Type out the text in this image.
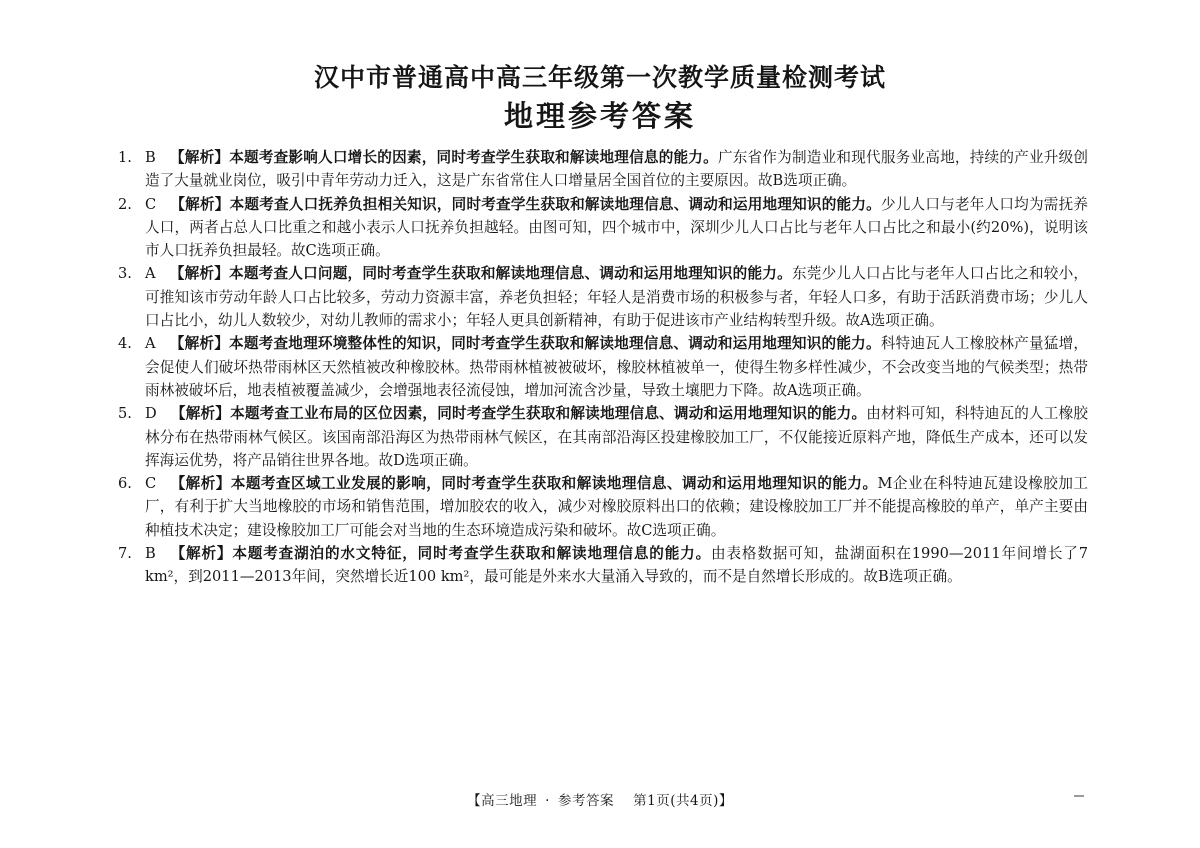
汉中市普通高中高三年级第一次教学质量检测考试
地理参考答案
1. B 【解析】本题考查影响人口增长的因素，同时考查学生获取和解读地理信息的能力。广东省作为制造业和现代服务业高地，持续的产业升级创造了大量就业岗位，吸引中青年劳动力迁入，这是广东省常住人口增量居全国首位的主要原因。故B选项正确。
2. C 【解析】本题考查人口抚养负担相关知识，同时考查学生获取和解读地理信息、调动和运用地理知识的能力。少儿人口与老年人口均为需抚养人口，两者占总人口比重之和越小表示人口抚养负担越轻。由图可知，四个城市中，深圳少儿人口占比与老年人口占比之和最小(约20%)，说明该市人口抚养负担最轻。故C选项正确。
3. A 【解析】本题考查人口问题，同时考查学生获取和解读地理信息、调动和运用地理知识的能力。东莞少儿人口占比与老年人口占比之和较小，可推知该市劳动年龄人口占比较多，劳动力资源丰富，养老负担轻；年轻人是消费市场的积极参与者，年轻人口多，有助于活跃消费市场；少儿人口占比小，幼儿人数较少，对幼儿教师的需求小；年轻人更具创新精神，有助于促进该市产业结构转型升级。故A选项正确。
4. A 【解析】本题考查地理环境整体性的知识，同时考查学生获取和解读地理信息、调动和运用地理知识的能力。科特迪瓦人工橡胶林产量猛增，会促使人们破坏热带雨林区天然植被改种橡胶林。热带雨林植被被破坏，橡胶林植被单一，使得生物多样性减少，不会改变当地的气候类型；热带雨林被破坏后，地表植被覆盖减少，会增强地表径流侵蚀，增加河流含沙量，导致土壤肥力下降。故A选项正确。
5. D 【解析】本题考查工业布局的区位因素，同时考查学生获取和解读地理信息、调动和运用地理知识的能力。由材料可知，科特迪瓦的人工橡胶林分布在热带雨林气候区。该国南部沿海区为热带雨林气候区，在其南部沿海区投建橡胶加工厂，不仅能接近原料产地，降低生产成本，还可以发挥海运优势，将产品销往世界各地。故D选项正确。
6. C 【解析】本题考查区域工业发展的影响，同时考查学生获取和解读地理信息、调动和运用地理知识的能力。M企业在科特迪瓦建设橡胶加工厂，有利于扩大当地橡胶的市场和销售范围，增加胶农的收入，减少对橡胶原料出口的依赖；建设橡胶加工厂并不能提高橡胶的单产，单产主要由种植技术决定；建设橡胶加工厂可能会对当地的生态环境造成污染和破坏。故C选项正确。
7. B 【解析】本题考查湖泊的水文特征，同时考查学生获取和解读地理信息的能力。由表格数据可知，盐湖面积在1990—2011年间增长了7 km²，到2011—2013年间，突然增长近100 km²，最可能是外来水大量涌入导致的，而不是自然增长形成的。故B选项正确。
【高三地理 · 参考答案 第1页(共4页)】
